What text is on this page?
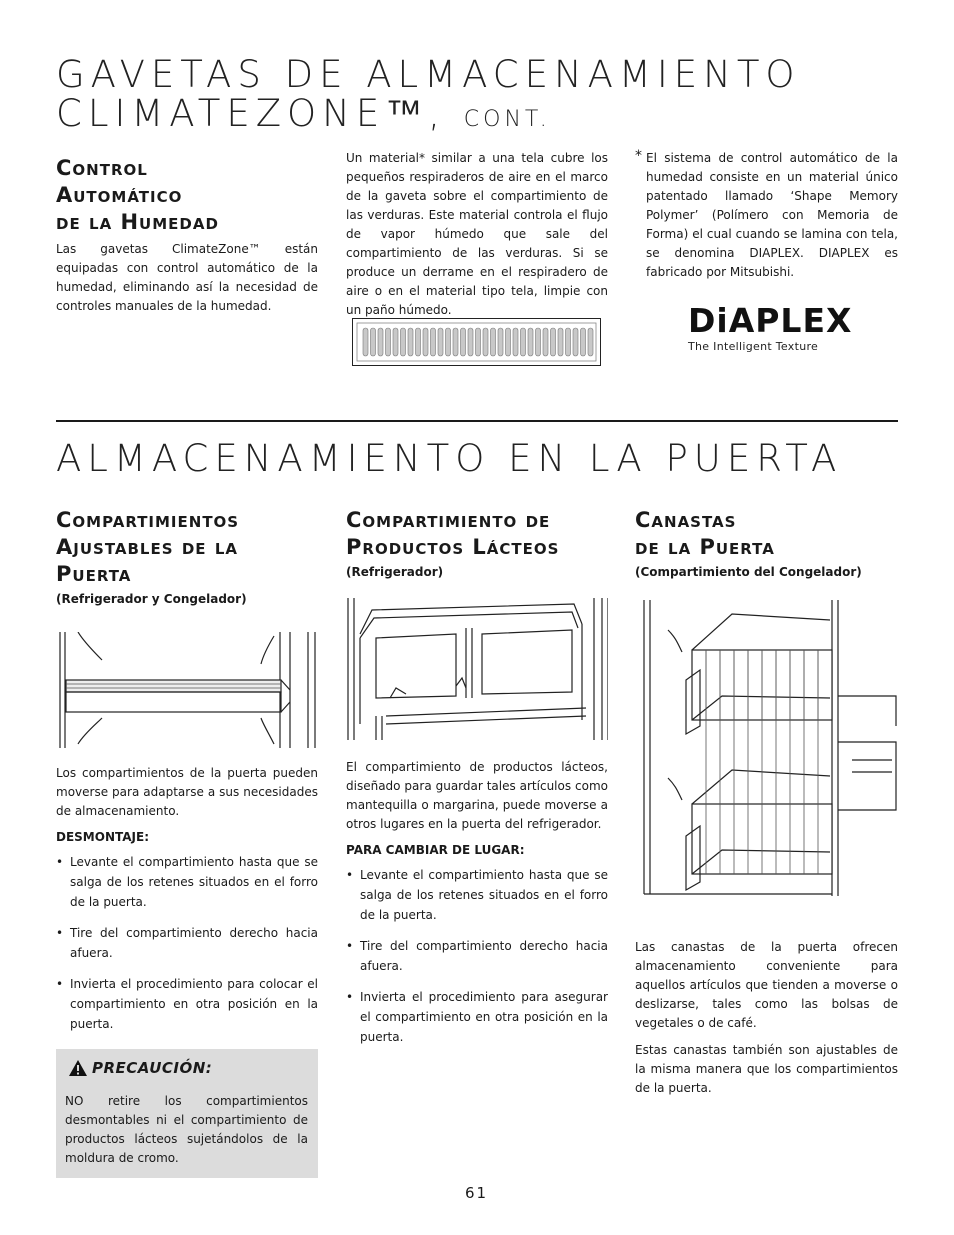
GAVETAS DE ALMACENAMIENTO
CLIMATEZONE™, CONT.
Control
Automático
de la Humedad

Las gavetas ClimateZone™ están equipadas con control automático de la humedad, eliminando así la necesidad de controles manuales de la humedad.

Un material* similar a una tela cubre los pequeños respiraderos de aire en el marco de la gaveta sobre el compartimiento de las verduras. Este material controla el flujo de vapor húmedo que sale del compartimiento de las verduras. Si se produce un derrame en el respiradero de aire o en el material tipo tela, limpie con un paño húmedo.

* El sistema de control automático de la humedad consiste en un material único patentado llamado ‘Shape Memory Polymer’ (Polímero con Memoria de Forma) el cual cuando se lamina con tela, se denomina DIAPLEX. DIAPLEX es fabricado por Mitsubishi.

DiAPLEX
The Intelligent Texture
ALMACENAMIENTO EN LA PUERTA
Compartimientos
Ajustables de la
Puerta

(Refrigerador y Congelador)

Los compartimientos de la puerta pueden moverse para adaptarse a sus necesidades de almacenamiento.

DESMONTAJE:

• Levante el compartimiento hasta que se salga de los retenes situados en el forro de la puerta.
• Tire del compartimiento derecho hacia afuera.
• Invierta el procedimiento para colocar el compartimiento en otra posición en la puerta.
PRECAUCIÓN:

NO retire los compartimientos desmontables ni el compartimiento de productos lácteos sujetándolos de la moldura de cromo.

Compartimiento de
Productos Lácteos

(Refrigerador)

El compartimiento de productos lácteos, diseñado para guardar tales artículos como mantequilla o margarina, puede moverse a otros lugares en la puerta del refrigerador.

PARA CAMBIAR DE LUGAR:

• Levante el compartimiento hasta que se salga de los retenes situados en el forro de la puerta.
• Tire del compartimiento derecho hacia afuera.
• Invierta el procedimiento para asegurar el compartimiento en otra posición en la puerta.
Canastas
de la Puerta

(Compartimiento del Congelador)

Las canastas de la puerta ofrecen almacenamiento conveniente para aquellos artículos que tienden a moverse o deslizarse, tales como las bolsas de vegetales o de café.

Estas canastas también son ajustables de la misma manera que los compartimientos de la puerta.

61
